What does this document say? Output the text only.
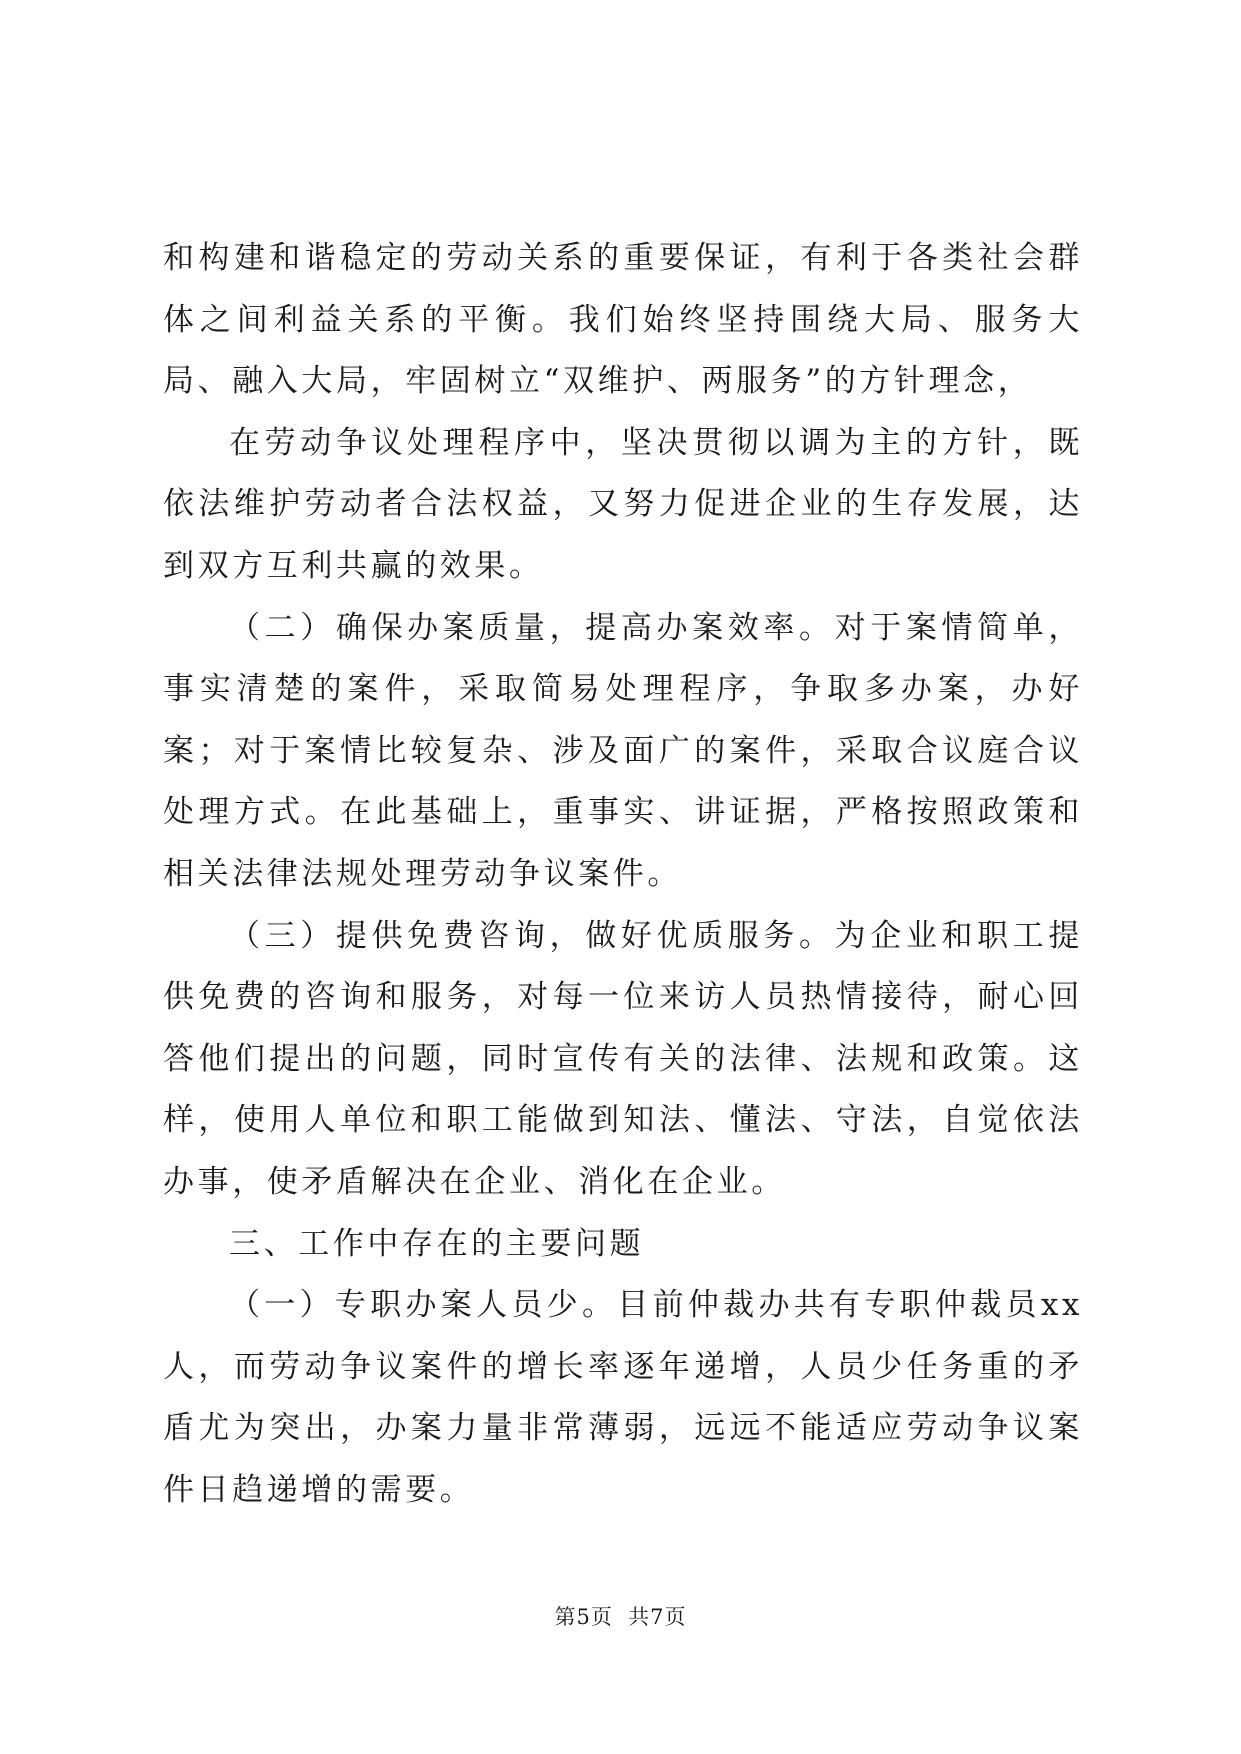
和构建和谐稳定的劳动关系的重要保证，有利于各类社会群体之间利益关系的平衡。我们始终坚持围绕大局、服务大局、融入大局，牢固树立“双维护、两服务”的方针理念，

在劳动争议处理程序中，坚决贯彻以调为主的方针，既依法维护劳动者合法权益，又努力促进企业的生存发展，达到双方互利共赢的效果。

（二）确保办案质量，提高办案效率。对于案情简单，事实清楚的案件，采取简易处理程序，争取多办案，办好案；对于案情比较复杂、涉及面广的案件，采取合议庭合议处理方式。在此基础上，重事实、讲证据，严格按照政策和相关法律法规处理劳动争议案件。

（三）提供免费咨询，做好优质服务。为企业和职工提供免费的咨询和服务，对每一位来访人员热情接待，耐心回答他们提出的问题，同时宣传有关的法律、法规和政策。这样，使用人单位和职工能做到知法、懂法、守法，自觉依法办事，使矛盾解决在企业、消化在企业。

三、工作中存在的主要问题

（一）专职办案人员少。目前仲裁办共有专职仲裁员xx人，而劳动争议案件的增长率逐年递增，人员少任务重的矛盾尤为突出，办案力量非常薄弱，远远不能适应劳动争议案件日趋递增的需要。

第5页  共7页
